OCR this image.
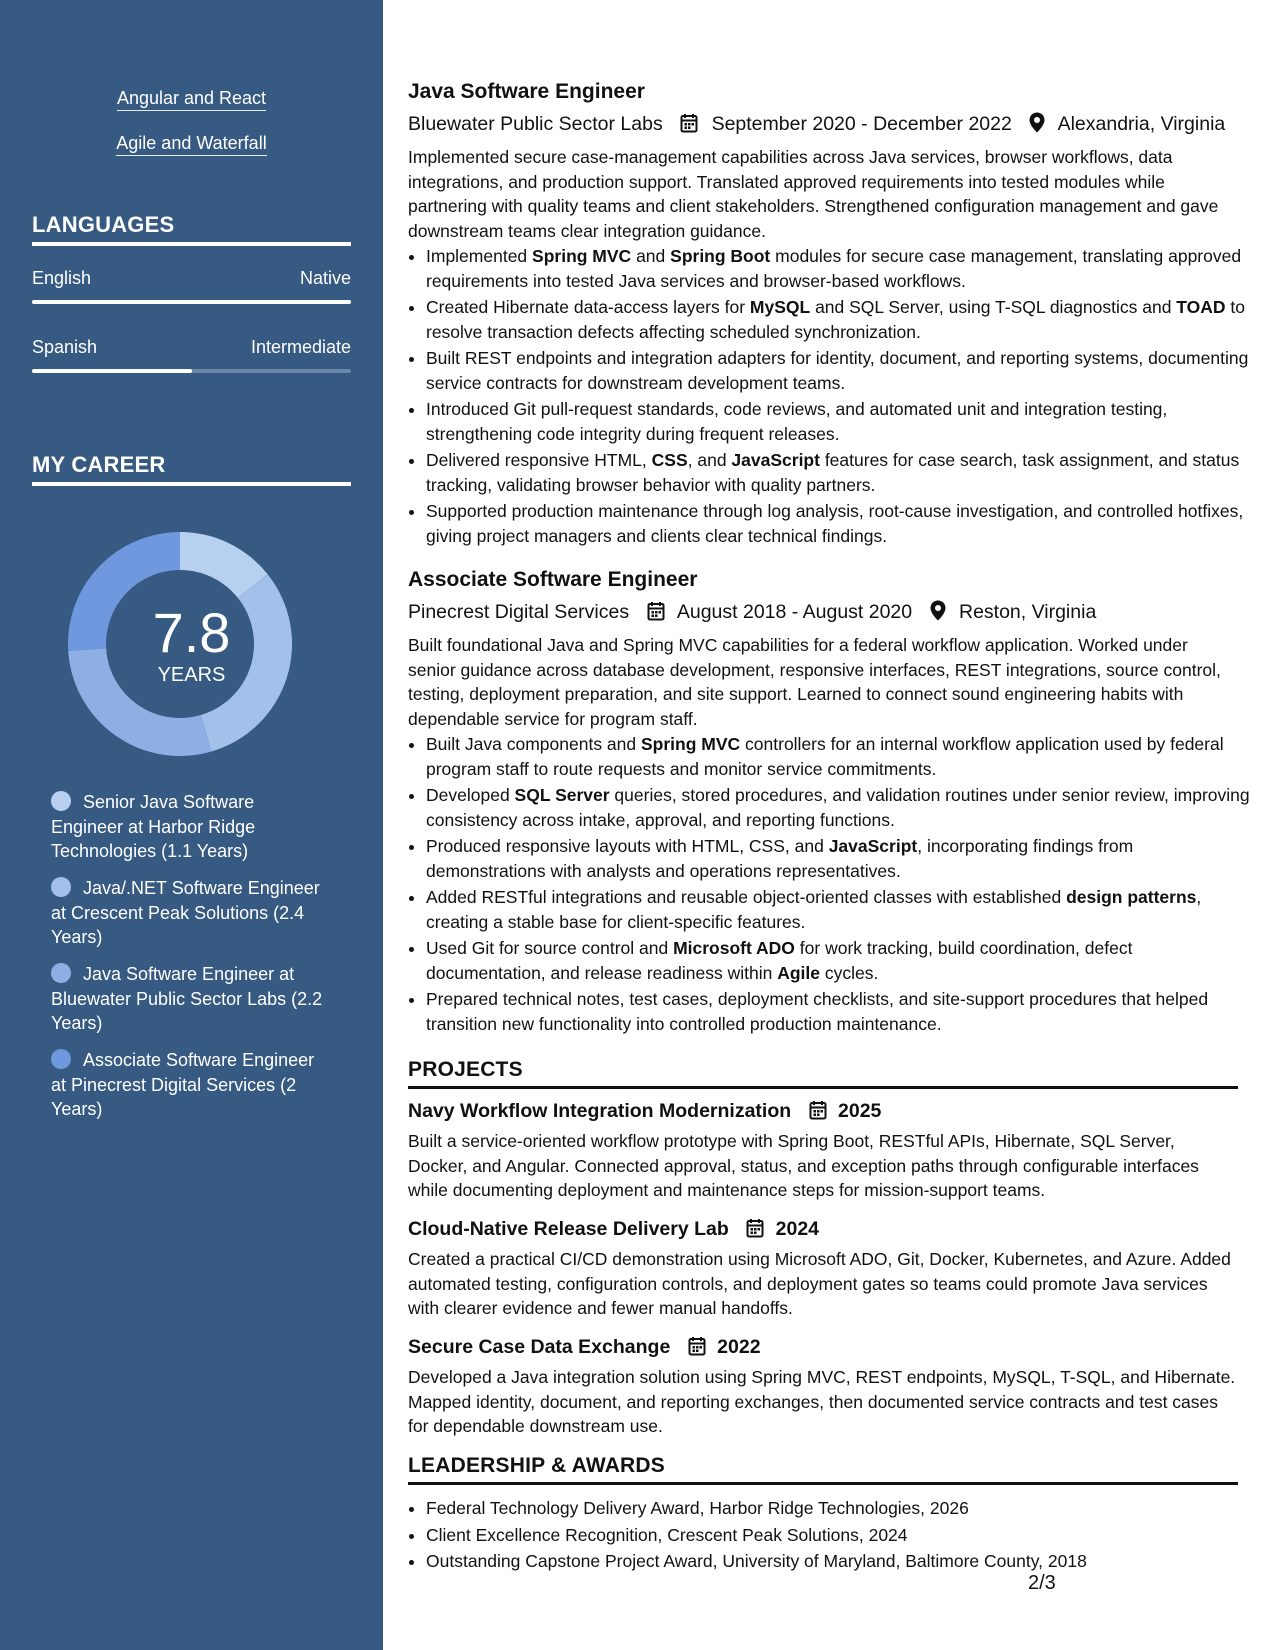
Angular and React
Agile and Waterfall
LANGUAGES
English	Native
Spanish	Intermediate
MY CAREER
7.8
YEARS
Senior Java Software Engineer at Harbor Ridge Technologies (1.1 Years)
Java/.NET Software Engineer at Crescent Peak Solutions (2.4 Years)
Java Software Engineer at Bluewater Public Sector Labs (2.2 Years)
Associate Software Engineer at Pinecrest Digital Services (2 Years)
Java Software Engineer
Bluewater Public Sector Labs	September 2020 - December 2022 Alexandria, Virginia
Implemented secure case-management capabilities across Java services, browser workflows, data integrations, and production support. Translated approved requirements into tested modules while partnering with quality teams and client stakeholders. Strengthened configuration management and gave downstream teams clear integration guidance.
• Implemented Spring MVC and Spring Boot modules for secure case management, translating approved requirements into tested Java services and browser-based workflows.
• Created Hibernate data-access layers for MySQL and SQL Server, using T-SQL diagnostics and TOAD to resolve transaction defects affecting scheduled synchronization.
• Built REST endpoints and integration adapters for identity, document, and reporting systems, documenting service contracts for downstream development teams.
• Introduced Git pull-request standards, code reviews, and automated unit and integration testing, strengthening code integrity during frequent releases.
• Delivered responsive HTML, CSS, and JavaScript features for case search, task assignment, and status tracking, validating browser behavior with quality partners.
• Supported production maintenance through log analysis, root-cause investigation, and controlled hotfixes, giving project managers and clients clear technical findings.
Associate Software Engineer
Pinecrest Digital Services August 2018 - August 2020 Reston, Virginia
Built foundational Java and Spring MVC capabilities for a federal workflow application. Worked under senior guidance across database development, responsive interfaces, REST integrations, source control, testing, deployment preparation, and site support. Learned to connect sound engineering habits with dependable service for program staff.
• Built Java components and Spring MVC controllers for an internal workflow application used by federal program staff to route requests and monitor service commitments.
• Developed SQL Server queries, stored procedures, and validation routines under senior review, improving consistency across intake, approval, and reporting functions.
• Produced responsive layouts with HTML, CSS, and JavaScript, incorporating findings from demonstrations with analysts and operations representatives.
• Added RESTful integrations and reusable object-oriented classes with established design patterns, creating a stable base for client-specific features.
• Used Git for source control and Microsoft ADO for work tracking, build coordination, defect documentation, and release readiness within Agile cycles.
• Prepared technical notes, test cases, deployment checklists, and site-support procedures that helped transition new functionality into controlled production maintenance.
PROJECTS
Navy Workflow Integration Modernization 2025
Built a service-oriented workflow prototype with Spring Boot, RESTful APIs, Hibernate, SQL Server, Docker, and Angular. Connected approval, status, and exception paths through configurable interfaces while documenting deployment and maintenance steps for mission-support teams.
Cloud-Native Release Delivery Lab 2024
Created a practical CI/CD demonstration using Microsoft ADO, Git, Docker, Kubernetes, and Azure. Added automated testing, configuration controls, and deployment gates so teams could promote Java services with clearer evidence and fewer manual handoffs.
Secure Case Data Exchange 2022
Developed a Java integration solution using Spring MVC, REST endpoints, MySQL, T-SQL, and Hibernate. Mapped identity, document, and reporting exchanges, then documented service contracts and test cases for dependable downstream use.
LEADERSHIP & AWARDS
• Federal Technology Delivery Award, Harbor Ridge Technologies, 2026
• Client Excellence Recognition, Crescent Peak Solutions, 2024
• Outstanding Capstone Project Award, University of Maryland, Baltimore County, 2018
2/3
